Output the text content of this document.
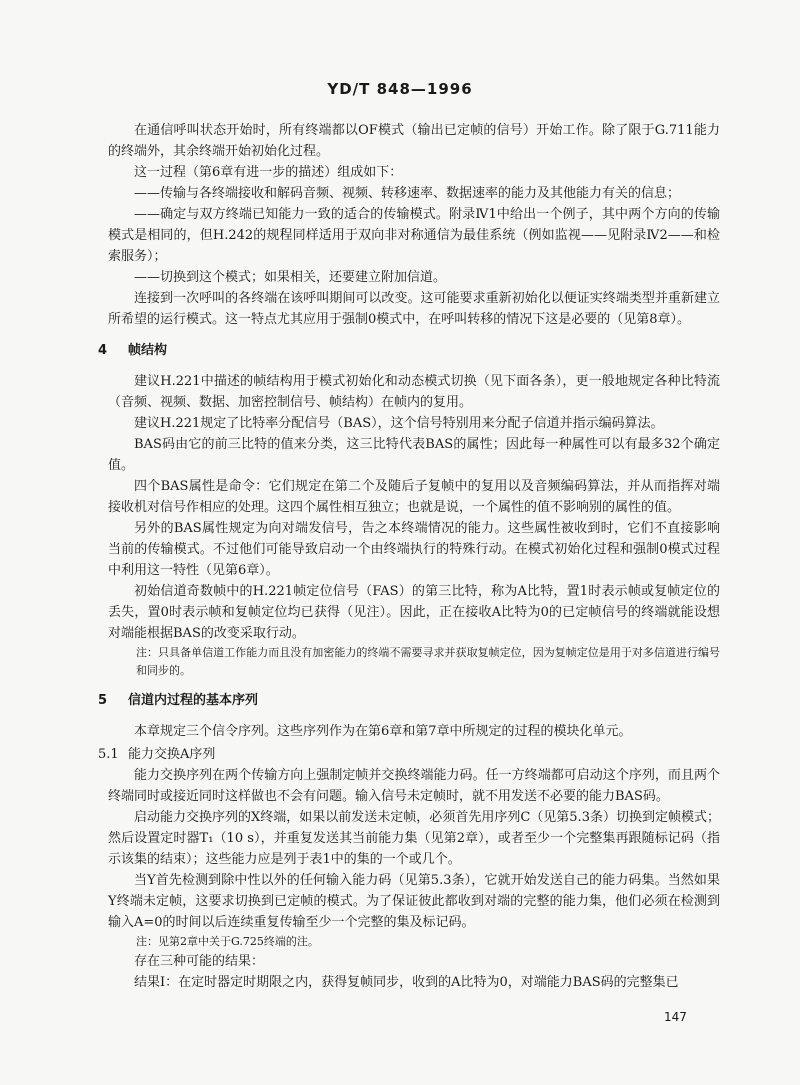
YD/T 848—1996

在通信呼叫状态开始时，所有终端都以OF模式（输出已定帧的信号）开始工作。除了限于G.711能力的终端外，其余终端开始初始化过程。

这一过程（第6章有进一步的描述）组成如下：

——传输与各终端接收和解码音频、视频、转移速率、数据速率的能力及其他能力有关的信息；

——确定与双方终端已知能力一致的适合的传输模式。附录Ⅳ1中给出一个例子，其中两个方向的传输模式是相同的，但H.242的规程同样适用于双向非对称通信为最佳系统（例如监视——见附录Ⅳ2——和检索服务）；

——切换到这个模式；如果相关，还要建立附加信道。

连接到一次呼叫的各终端在该呼叫期间可以改变。这可能要求重新初始化以便证实终端类型并重新建立所希望的运行模式。这一特点尤其应用于强制0模式中，在呼叫转移的情况下这是必要的（见第8章）。

4 帧结构

建议H.221中描述的帧结构用于模式初始化和动态模式切换（见下面各条），更一般地规定各种比特流（音频、视频、数据、加密控制信号、帧结构）在帧内的复用。

建议H.221规定了比特率分配信号（BAS），这个信号特别用来分配子信道并指示编码算法。

BAS码由它的前三比特的值来分类，这三比特代表BAS的属性；因此每一种属性可以有最多32个确定值。

四个BAS属性是命令：它们规定在第二个及随后子复帧中的复用以及音频编码算法，并从而指挥对端接收机对信号作相应的处理。这四个属性相互独立；也就是说，一个属性的值不影响别的属性的值。

另外的BAS属性规定为向对端发信号，告之本终端情况的能力。这些属性被收到时，它们不直接影响当前的传输模式。不过他们可能导致启动一个由终端执行的特殊行动。在模式初始化过程和强制0模式过程中利用这一特性（见第6章）。

初始信道奇数帧中的H.221帧定位信号（FAS）的第三比特，称为A比特，置1时表示帧或复帧定位的丢失，置0时表示帧和复帧定位均已获得（见注）。因此，正在接收A比特为0的已定帧信号的终端就能设想对端能根据BAS的改变采取行动。

注：只具备单信道工作能力而且没有加密能力的终端不需要寻求并获取复帧定位，因为复帧定位是用于对多信道进行编号和同步的。

5 信道内过程的基本序列

本章规定三个信令序列。这些序列作为在第6章和第7章中所规定的过程的模块化单元。

5.1 能力交换A序列

能力交换序列在两个传输方向上强制定帧并交换终端能力码。任一方终端都可启动这个序列，而且两个终端同时或接近同时这样做也不会有问题。输入信号未定帧时，就不用发送不必要的能力BAS码。

启动能力交换序列的X终端，如果以前发送未定帧，必须首先用序列C（见第5.3条）切换到定帧模式；然后设置定时器T₁（10 s），并重复发送其当前能力集（见第2章），或者至少一个完整集再跟随标记码（指示该集的结束）；这些能力应是列于表1中的集的一个或几个。

当Y首先检测到除中性以外的任何输入能力码（见第5.3条），它就开始发送自己的能力码集。当然如果Y终端未定帧，这要求切换到已定帧的模式。为了保证彼此都收到对端的完整的能力集，他们必须在检测到输入A=0的时间以后连续重复传输至少一个完整的集及标记码。

注：见第2章中关于G.725终端的注。

存在三种可能的结果：

结果Ⅰ：在定时器定时期限之内，获得复帧同步，收到的A比特为0，对端能力BAS码的完整集已

147
